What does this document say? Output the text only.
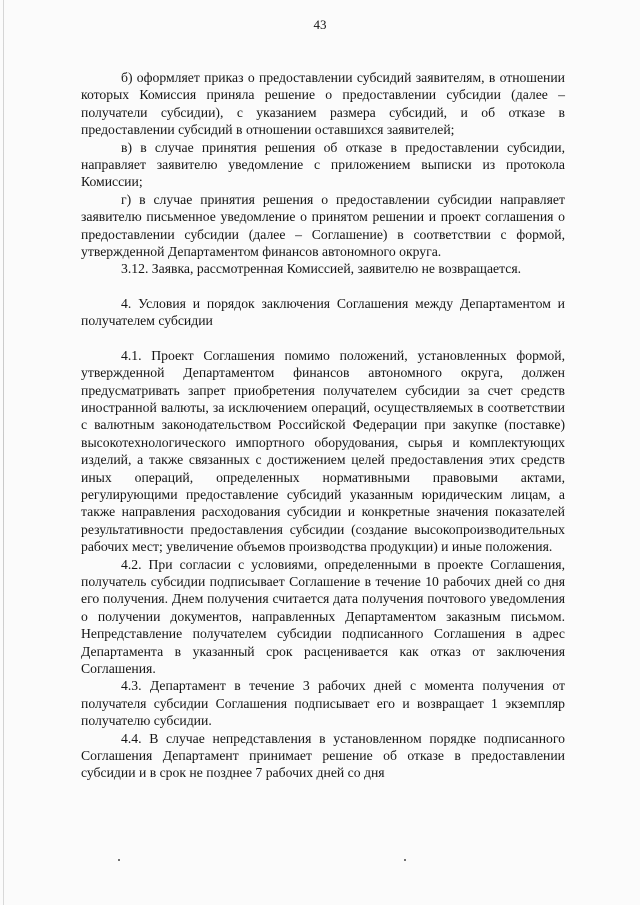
43

б) оформляет приказ о предоставлении субсидий заявителям, в отношении которых Комиссия приняла решение о предоставлении субсидии (далее – получатели субсидии), с указанием размера субсидий, и об отказе в предоставлении субсидий в отношении оставшихся заявителей;

в) в случае принятия решения об отказе в предоставлении субсидии, направляет заявителю уведомление с приложением выписки из протокола Комиссии;

г) в случае принятия решения о предоставлении субсидии направляет заявителю письменное уведомление о принятом решении и проект соглашения о предоставлении субсидии (далее – Соглашение) в соответствии с формой, утвержденной Департаментом финансов автономного округа.

3.12. Заявка, рассмотренная Комиссией, заявителю не возвращается.

4. Условия и порядок заключения Соглашения между Департаментом и получателем субсидии

4.1. Проект Соглашения помимо положений, установленных формой, утвержденной Департаментом финансов автономного округа, должен предусматривать запрет приобретения получателем субсидии за счет средств иностранной валюты, за исключением операций, осуществляемых в соответствии с валютным законодательством Российской Федерации при закупке (поставке) высокотехнологического импортного оборудования, сырья и комплектующих изделий, а также связанных с достижением целей предоставления этих средств иных операций, определенных нормативными правовыми актами, регулирующими предоставление субсидий указанным юридическим лицам, а также направления расходования субсидии и конкретные значения показателей результативности предоставления субсидии (создание высокопроизводительных рабочих мест; увеличение объемов производства продукции) и иные положения.

4.2. При согласии с условиями, определенными в проекте Соглашения, получатель субсидии подписывает Соглашение в течение 10 рабочих дней со дня его получения. Днем получения считается дата получения почтового уведомления о получении документов, направленных Департаментом заказным письмом. Непредставление получателем субсидии подписанного Соглашения в адрес Департамента в указанный срок расценивается как отказ от заключения Соглашения.

4.3. Департамент в течение 3 рабочих дней с момента получения от получателя субсидии Соглашения подписывает его и возвращает 1 экземпляр получателю субсидии.

4.4. В случае непредставления в установленном порядке подписанного Соглашения Департамент принимает решение об отказе в предоставлении субсидии и в срок не позднее 7 рабочих дней со дня
